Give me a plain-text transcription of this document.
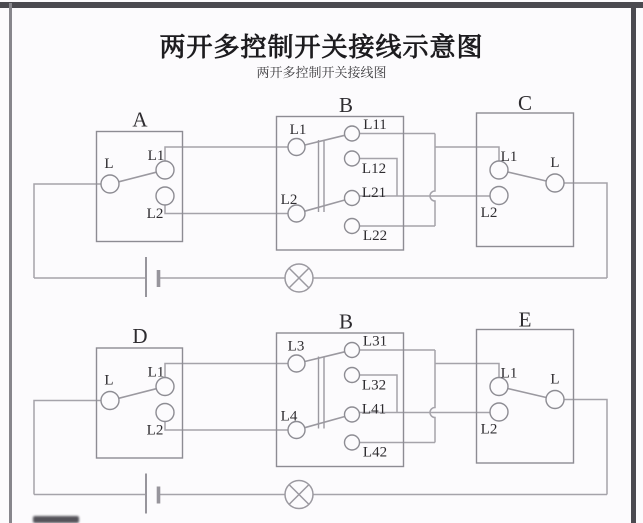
两开多控制开关接线示意图
两开多控制开关接线图
A
L L1
L2
B
L1
L2
L11
L12
L21
L22
C
L1
L2
L
D
L L1
L2
B
L3
L4
L31
L32
L41
L42
E
L1
L2
L
